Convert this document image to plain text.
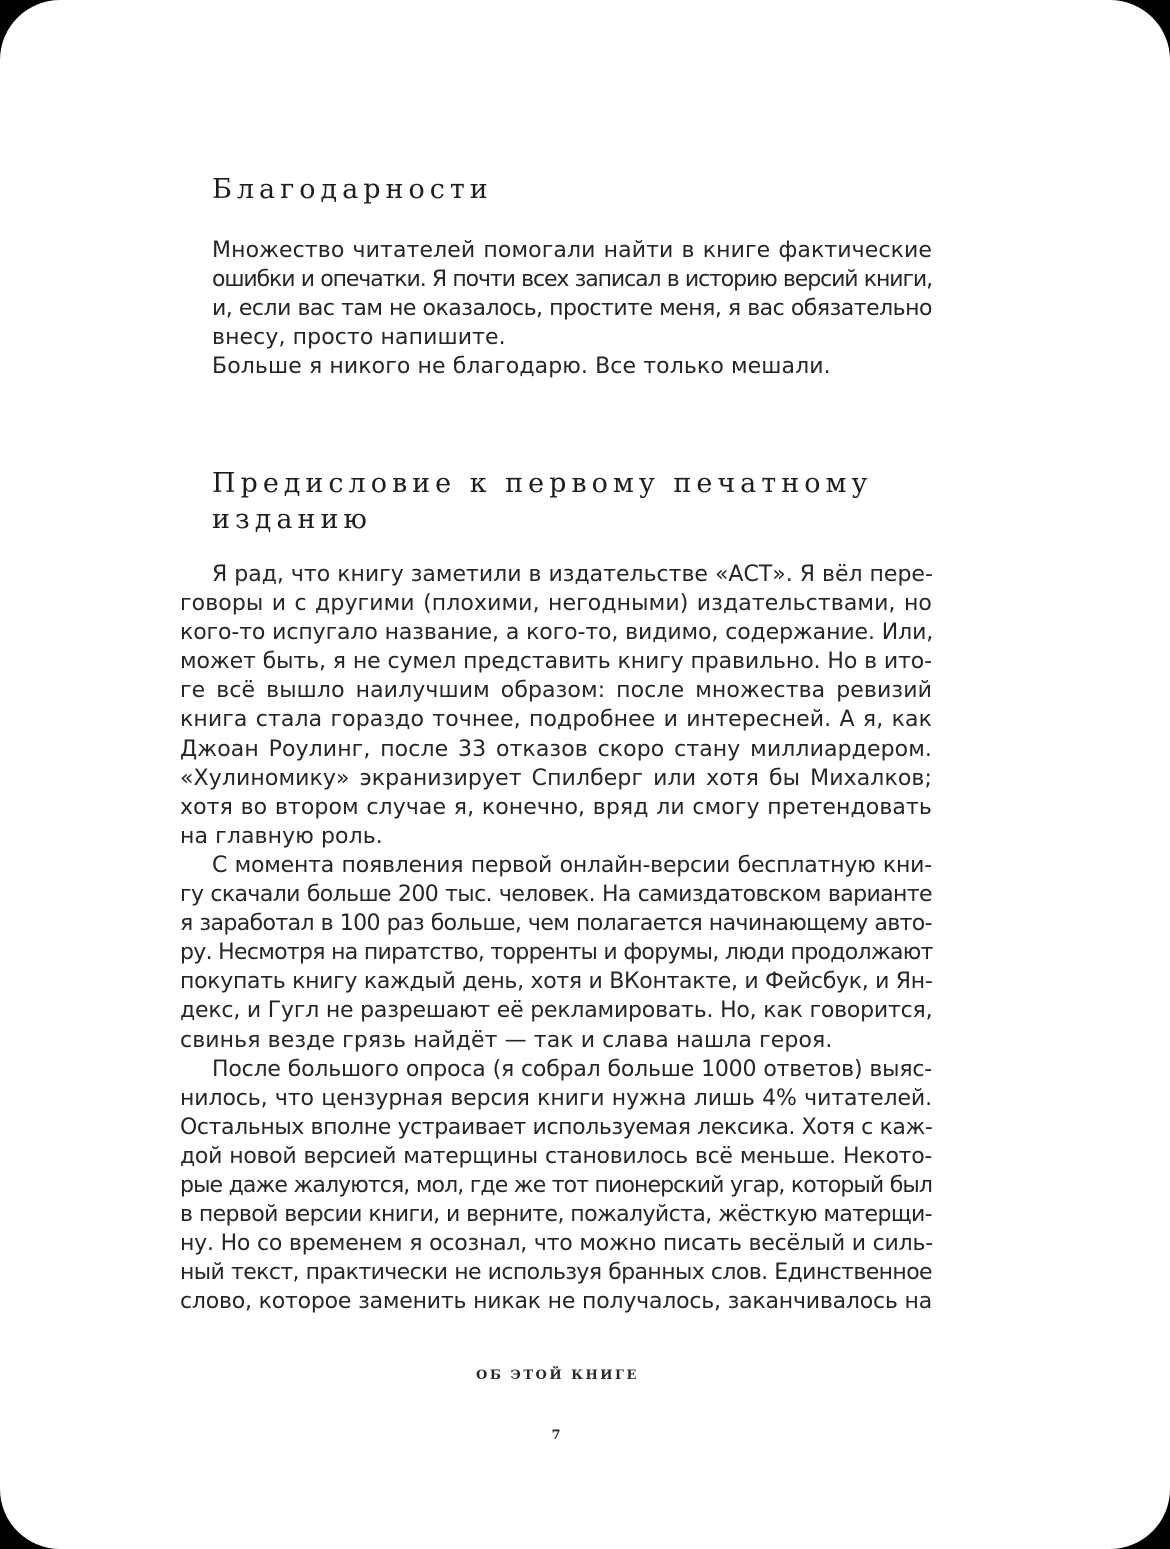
Благодарности
Множество читателей помогали найти в книге фактические
ошибки и опечатки. Я почти всех записал в историю версий книги,
и, если вас там не оказалось, простите меня, я вас обязательно
внесу, просто напишите.
Больше я никого не благодарю. Все только мешали.
Предисловие к первому печатному
изданию
Я рад, что книгу заметили в издательстве «АСТ». Я вёл пере-
говоры и с другими (плохими, негодными) издательствами, но
кого-то испугало название, а кого-то, видимо, содержание. Или,
может быть, я не сумел представить книгу правильно. Но в ито-
ге всё вышло наилучшим образом: после множества ревизий
книга стала гораздо точнее, подробнее и интересней. А я, как
Джоан Роулинг, после 33 отказов скоро стану миллиардером.
«Хулиномику» экранизирует Спилберг или хотя бы Михалков;
хотя во втором случае я, конечно, вряд ли смогу претендовать
на главную роль.
С момента появления первой онлайн-версии бесплатную кни-
гу скачали больше 200 тыс. человек. На самиздатовском варианте
я заработал в 100 раз больше, чем полагается начинающему авто-
ру. Несмотря на пиратство, торренты и форумы, люди продолжают
покупать книгу каждый день, хотя и ВКонтакте, и Фейсбук, и Ян-
декс, и Гугл не разрешают её рекламировать. Но, как говорится,
свинья везде грязь найдёт — так и слава нашла героя.
После большого опроса (я собрал больше 1000 ответов) выяс-
нилось, что цензурная версия книги нужна лишь 4% читателей.
Остальных вполне устраивает используемая лексика. Хотя с каж-
дой новой версией матерщины становилось всё меньше. Некото-
рые даже жалуются, мол, где же тот пионерский угар, который был
в первой версии книги, и верните, пожалуйста, жёсткую матерщи-
ну. Но со временем я осознал, что можно писать весёлый и силь-
ный текст, практически не используя бранных слов. Единственное
слово, которое заменить никак не получалось, заканчивалось на
ОБ ЭТОЙ КНИГЕ
7
